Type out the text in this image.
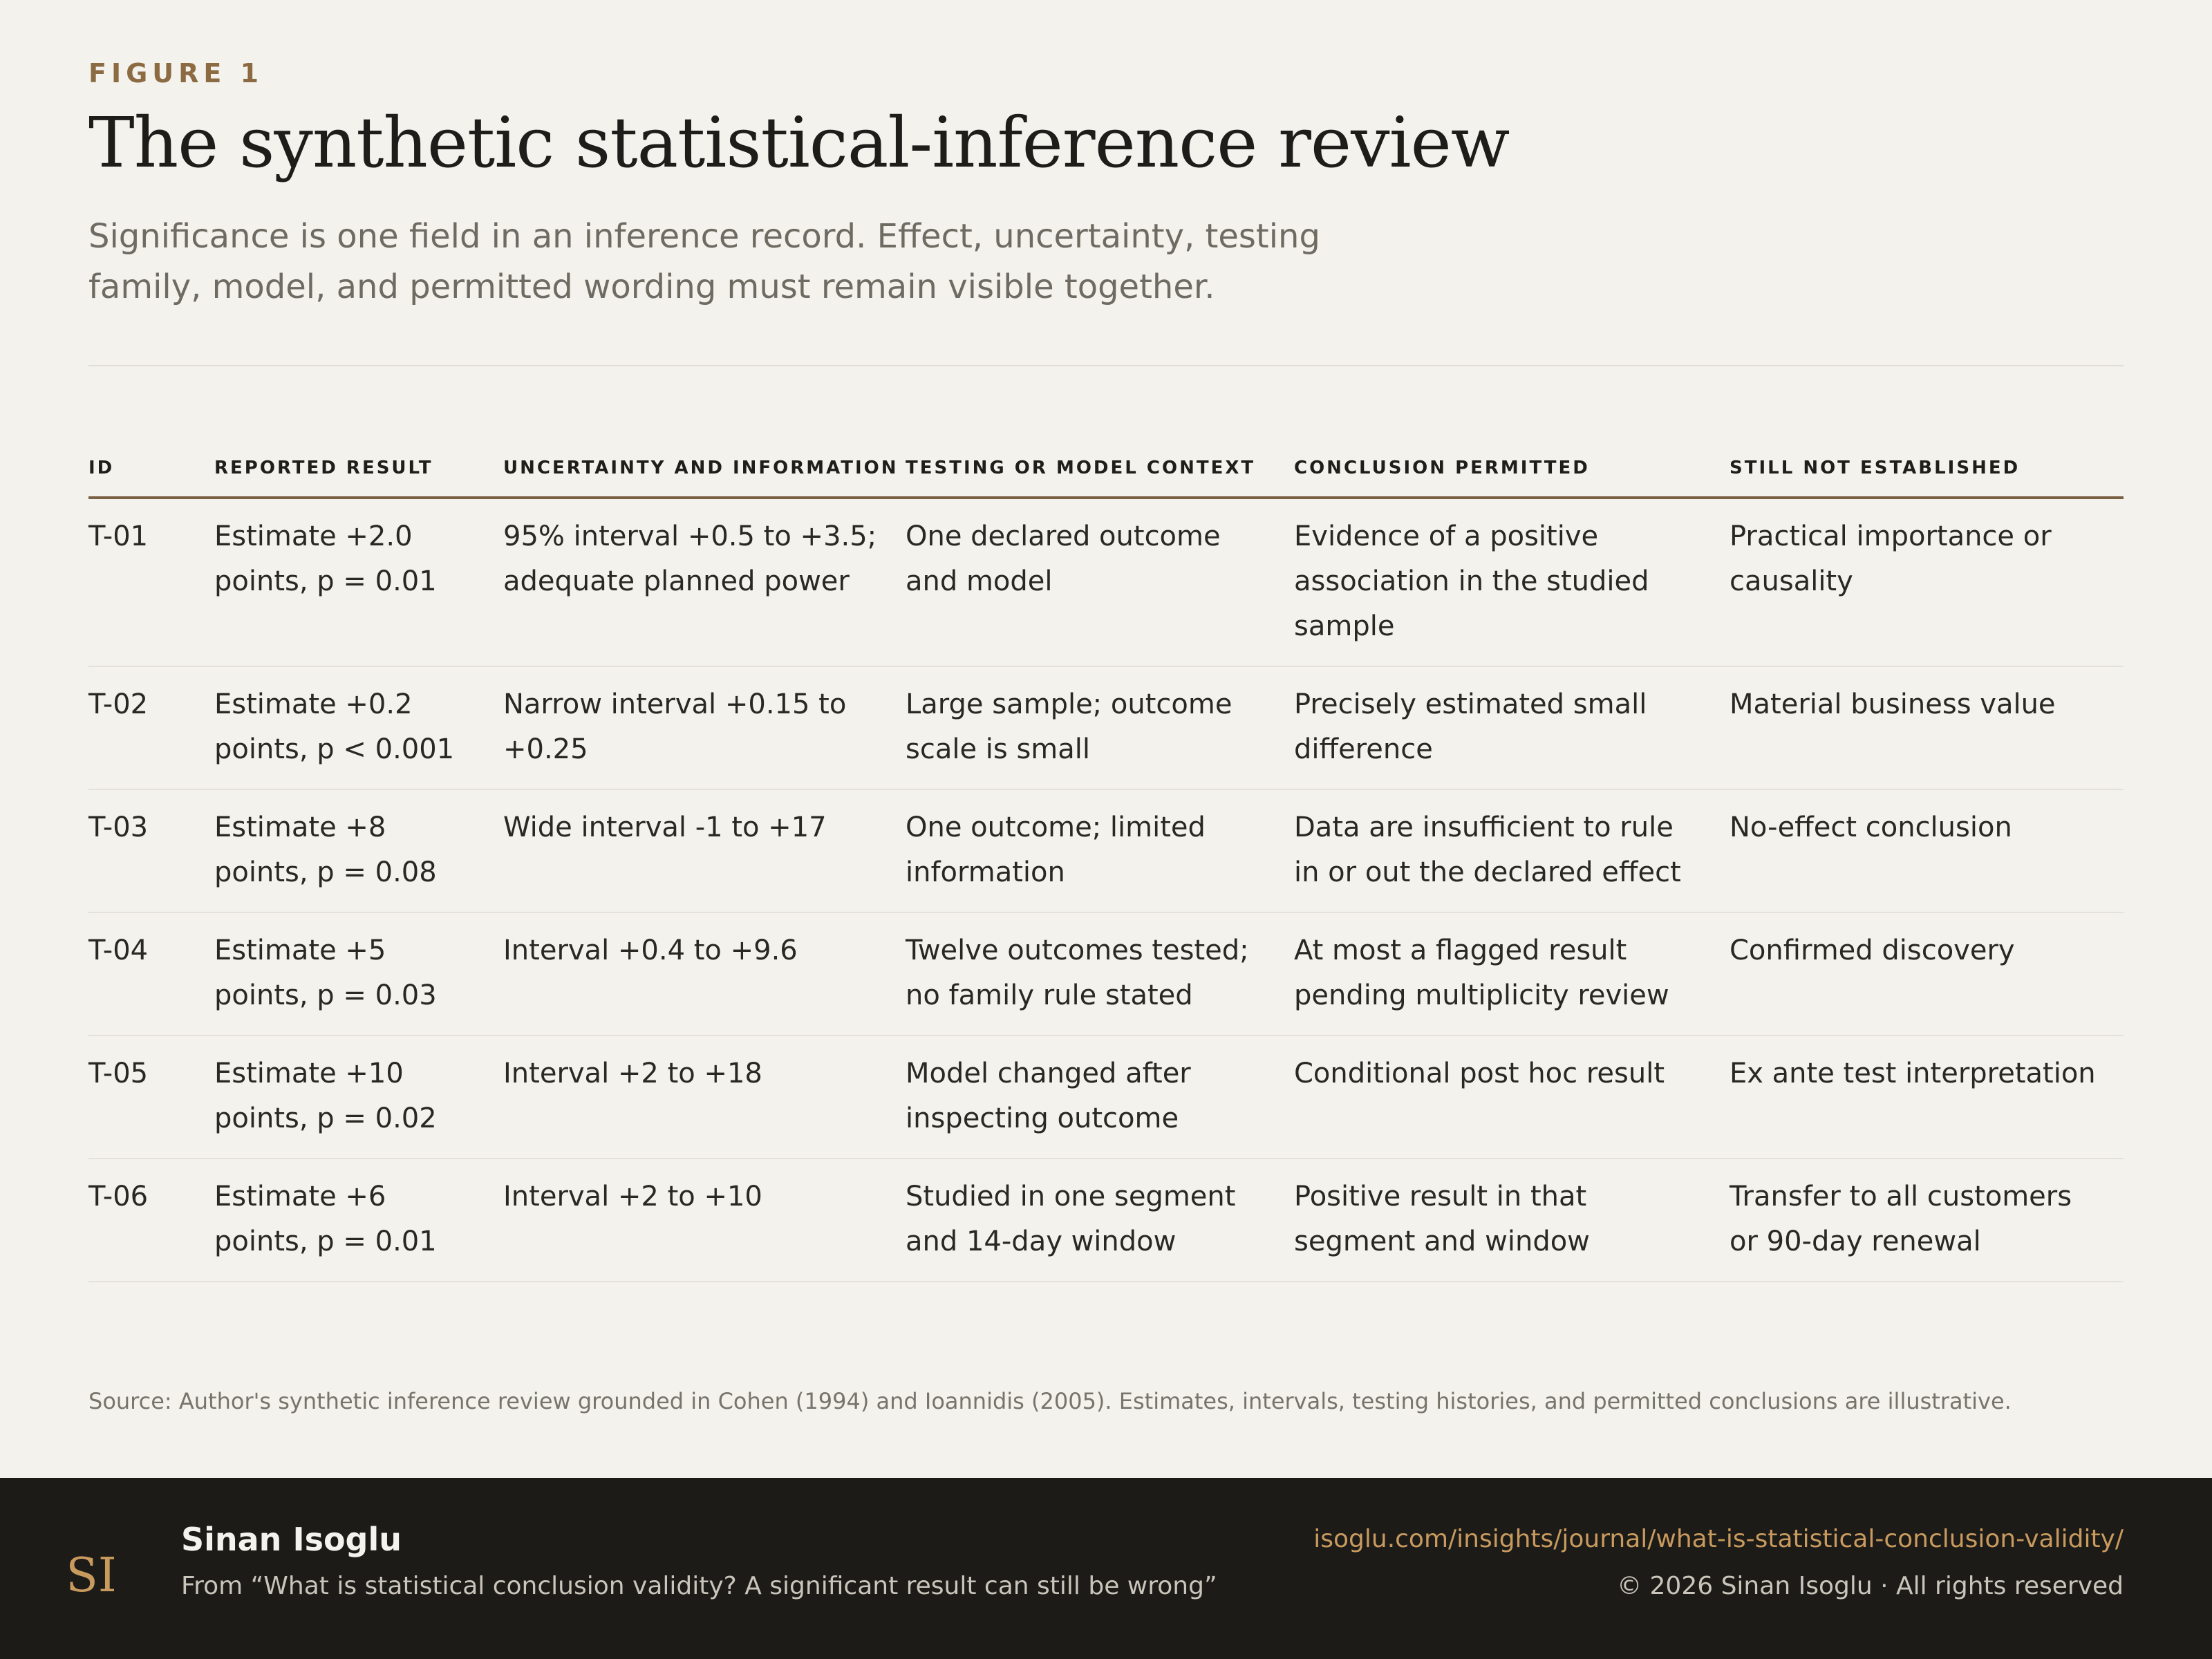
FIGURE 1
The synthetic statistical-inference review

Significance is one field in an inference record. Effect, uncertainty, testing family, model, and permitted wording must remain visible together.

ID	REPORTED RESULT	UNCERTAINTY AND INFORMATION	TESTING OR MODEL CONTEXT	CONCLUSION PERMITTED	STILL NOT ESTABLISHED
T-01	Estimate +2.0 points, p = 0.01	95% interval +0.5 to +3.5; adequate planned power	One declared outcome and model	Evidence of a positive association in the studied sample	Practical importance or causality
T-02	Estimate +0.2 points, p < 0.001	Narrow interval +0.15 to +0.25	Large sample; outcome scale is small	Precisely estimated small difference	Material business value
T-03	Estimate +8 points, p = 0.08	Wide interval -1 to +17	One outcome; limited information	Data are insufficient to rule in or out the declared effect	No-effect conclusion
T-04	Estimate +5 points, p = 0.03	Interval +0.4 to +9.6	Twelve outcomes tested; no family rule stated	At most a flagged result pending multiplicity review	Confirmed discovery
T-05	Estimate +10 points, p = 0.02	Interval +2 to +18	Model changed after inspecting outcome	Conditional post hoc result	Ex ante test interpretation
T-06	Estimate +6 points, p = 0.01	Interval +2 to +10	Studied in one segment and 14-day window	Positive result in that segment and window	Transfer to all customers or 90-day renewal

Source: Author's synthetic inference review grounded in Cohen (1994) and Ioannidis (2005). Estimates, intervals, testing histories, and permitted conclusions are illustrative.

SI
Sinan Isoglu
From “What is statistical conclusion validity? A significant result can still be wrong”
isoglu.com/insights/journal/what-is-statistical-conclusion-validity/
© 2026 Sinan Isoglu · All rights reserved
